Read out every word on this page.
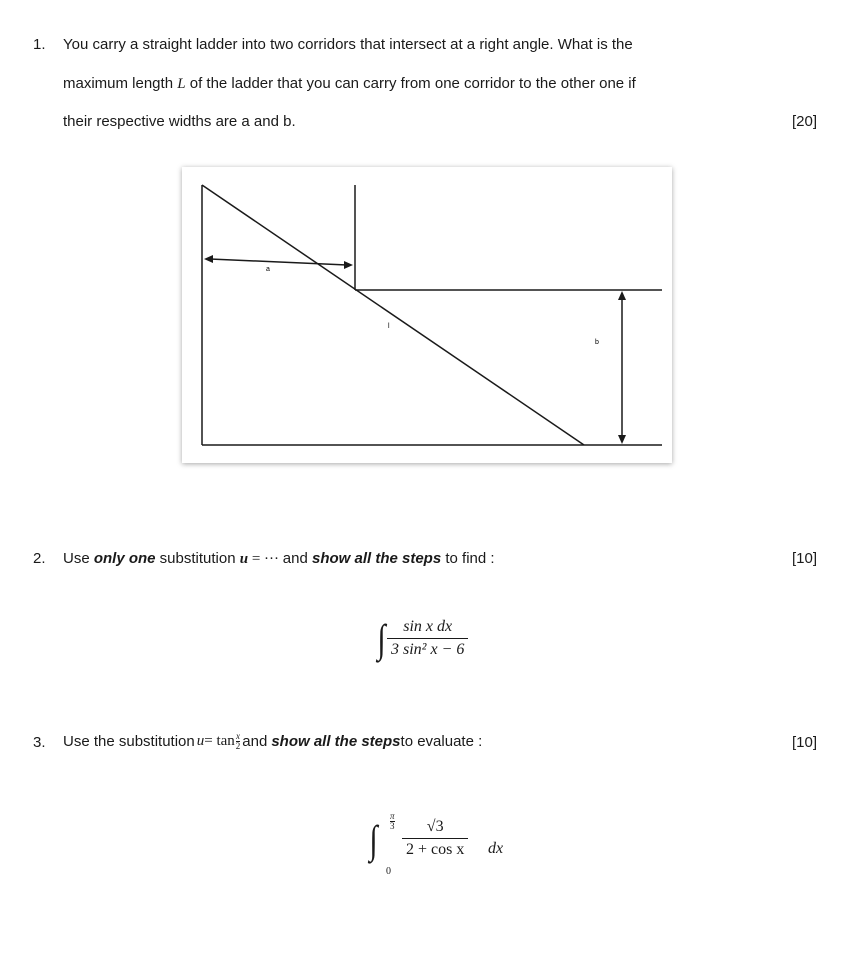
1. You carry a straight ladder into two corridors that intersect at a right angle. What is the
maximum length L of the ladder that you can carry from one corridor to the other one if
their respective widths are a and b.	[20]
a
l
b
2. Use only one substitution u = ··· and show all the steps to find :	[10]
∫ $\frac{\text{sin x dx}}{\text{3 sin² x − 6}}$
3. Use the substitution $u = \tan \frac{x}{2}$ and show all the steps to evaluate :	[10]
∫ $\frac{\pi}{3}$
0
$\frac{√3}{\text{2 + cos x}}$ dx
